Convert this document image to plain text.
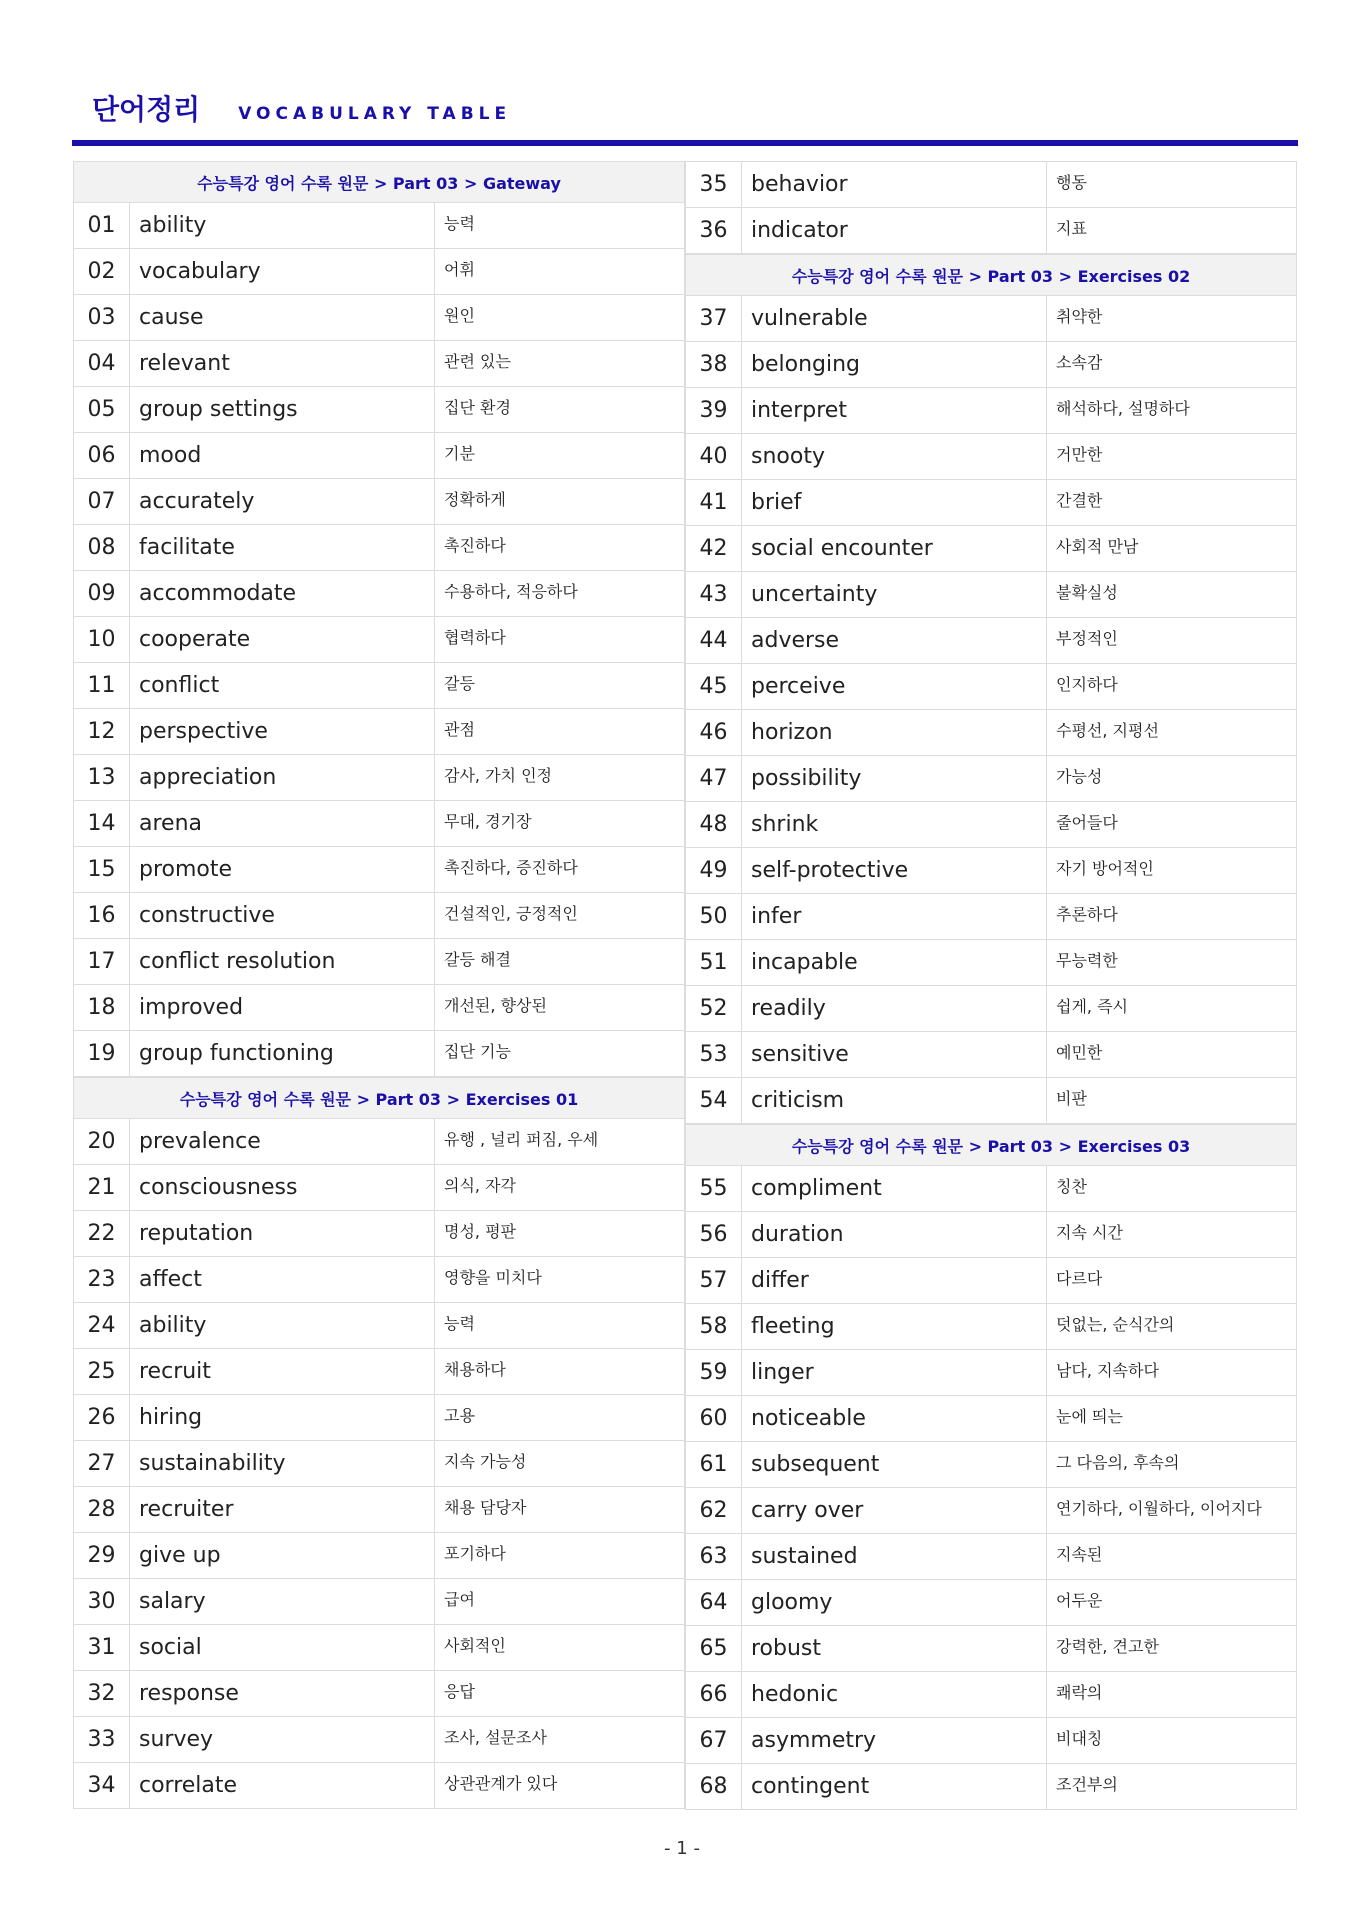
단어정리 VOCABULARY TABLE
수능특강 영어 수록 원문 > Part 03 > Gateway
01	ability	능력
02	vocabulary	어휘
03	cause	원인
04	relevant	관련 있는
05	group settings	집단 환경
06	mood	기분
07	accurately	정확하게
08	facilitate	촉진하다
09	accommodate	수용하다, 적응하다
10	cooperate	협력하다
11	conflict	갈등
12	perspective	관점
13	appreciation	감사, 가치 인정
14	arena	무대, 경기장
15	promote	촉진하다, 증진하다
16	constructive	건설적인, 긍정적인
17	conflict resolution	갈등 해결
18	improved	개선된, 향상된
19	group functioning	집단 기능
수능특강 영어 수록 원문 > Part 03 > Exercises 01
20	prevalence	유행 , 널리 퍼짐, 우세
21	consciousness	의식, 자각
22	reputation	명성, 평판
23	affect	영향을 미치다
24	ability	능력
25	recruit	채용하다
26	hiring	고용
27	sustainability	지속 가능성
28	recruiter	채용 담당자
29	give up	포기하다
30	salary	급여
31	social	사회적인
32	response	응답
33	survey	조사, 설문조사
34	correlate	상관관계가 있다
35	behavior	행동
36	indicator	지표
수능특강 영어 수록 원문 > Part 03 > Exercises 02
37	vulnerable	취약한
38	belonging	소속감
39	interpret	해석하다, 설명하다
40	snooty	거만한
41	brief	간결한
42	social encounter	사회적 만남
43	uncertainty	불확실성
44	adverse	부정적인
45	perceive	인지하다
46	horizon	수평선, 지평선
47	possibility	가능성
48	shrink	줄어들다
49	self-protective	자기 방어적인
50	infer	추론하다
51	incapable	무능력한
52	readily	쉽게, 즉시
53	sensitive	예민한
54	criticism	비판
수능특강 영어 수록 원문 > Part 03 > Exercises 03
55	compliment	칭찬
56	duration	지속 시간
57	differ	다르다
58	fleeting	덧없는, 순식간의
59	linger	남다, 지속하다
60	noticeable	눈에 띄는
61	subsequent	그 다음의, 후속의
62	carry over	연기하다, 이월하다, 이어지다
63	sustained	지속된
64	gloomy	어두운
65	robust	강력한, 견고한
66	hedonic	쾌락의
67	asymmetry	비대칭
68	contingent	조건부의
- 1 -
